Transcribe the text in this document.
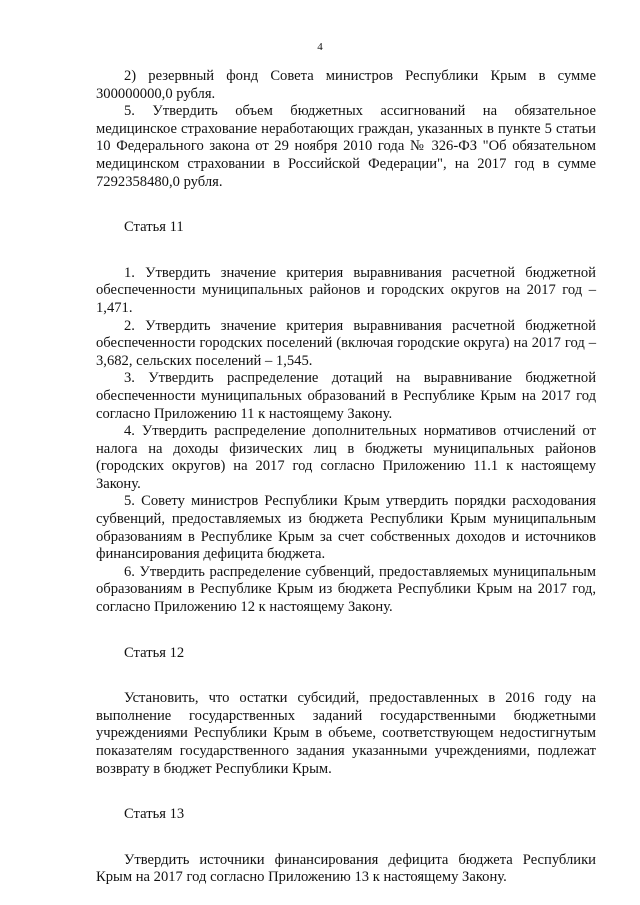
4

2) резервный фонд Совета министров Республики Крым в сумме 300000000,0 рубля.

5. Утвердить объем бюджетных ассигнований на обязательное медицинское страхование неработающих граждан, указанных в пункте 5 статьи 10 Федерального закона от 29 ноября 2010 года № 326-ФЗ "Об обязательном медицинском страховании в Российской Федерации", на 2017 год в сумме 7292358480,0 рубля.

Статья 11

1. Утвердить значение критерия выравнивания расчетной бюджетной обеспеченности муниципальных районов и городских округов на 2017 год – 1,471.

2. Утвердить значение критерия выравнивания расчетной бюджетной обеспеченности городских поселений (включая городские округа) на 2017 год – 3,682, сельских поселений – 1,545.

3. Утвердить распределение дотаций на выравнивание бюджетной обеспеченности муниципальных образований в Республике Крым на 2017 год согласно Приложению 11 к настоящему Закону.

4. Утвердить распределение дополнительных нормативов отчислений от налога на доходы физических лиц в бюджеты муниципальных районов (городских округов) на 2017 год согласно Приложению 11.1 к настоящему Закону.

5. Совету министров Республики Крым утвердить порядки расходования субвенций, предоставляемых из бюджета Республики Крым муниципальным образованиям в Республике Крым за счет собственных доходов и источников финансирования дефицита бюджета.

6. Утвердить распределение субвенций, предоставляемых муниципальным образованиям в Республике Крым из бюджета Республики Крым на 2017 год, согласно Приложению 12 к настоящему Закону.

Статья 12

Установить, что остатки субсидий, предоставленных в 2016 году на выполнение государственных заданий государственными бюджетными учреждениями Республики Крым в объеме, соответствующем недостигнутым показателям государственного задания указанными учреждениями, подлежат возврату в бюджет Республики Крым.

Статья 13

Утвердить источники финансирования дефицита бюджета Республики Крым на 2017 год согласно Приложению 13 к настоящему Закону.
